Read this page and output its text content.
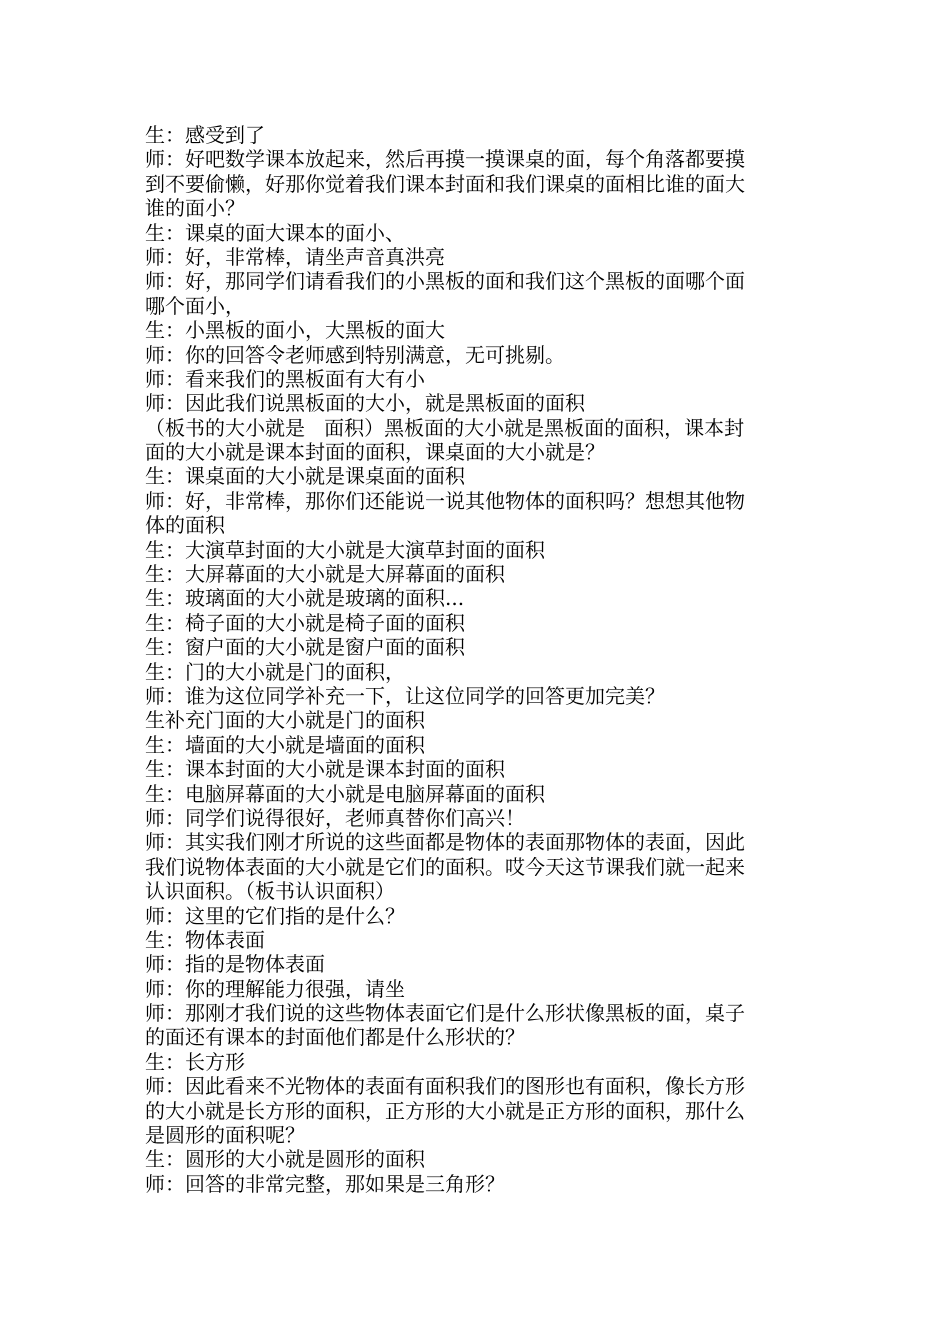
生：感受到了
师：好吧数学课本放起来，然后再摸一摸课桌的面，每个角落都要摸
到不要偷懒，好那你觉着我们课本封面和我们课桌的面相比谁的面大
谁的面小？
生：课桌的面大课本的面小、
师：好，非常棒，请坐声音真洪亮
师：好，那同学们请看我们的小黑板的面和我们这个黑板的面哪个面
哪个面小，
生：小黑板的面小，大黑板的面大
师：你的回答令老师感到特别满意，无可挑剔。
师：看来我们的黑板面有大有小
师：因此我们说黑板面的大小，就是黑板面的面积
（板书的大小就是   面积）黑板面的大小就是黑板面的面积，课本封
面的大小就是课本封面的面积，课桌面的大小就是？
生：课桌面的大小就是课桌面的面积
师：好，非常棒，那你们还能说一说其他物体的面积吗？想想其他物
体的面积
生：大演草封面的大小就是大演草封面的面积
生：大屏幕面的大小就是大屏幕面的面积
生：玻璃面的大小就是玻璃的面积...
生：椅子面的大小就是椅子面的面积
生：窗户面的大小就是窗户面的面积
生：门的大小就是门的面积，
师：谁为这位同学补充一下，让这位同学的回答更加完美？
生补充门面的大小就是门的面积
生：墙面的大小就是墙面的面积
生：课本封面的大小就是课本封面的面积
生：电脑屏幕面的大小就是电脑屏幕面的面积
师：同学们说得很好，老师真替你们高兴！
师：其实我们刚才所说的这些面都是物体的表面那物体的表面，因此
我们说物体表面的大小就是它们的面积。哎今天这节课我们就一起来
认识面积。（板书认识面积）
师：这里的它们指的是什么？
生：物体表面
师：指的是物体表面
师：你的理解能力很强，请坐
师：那刚才我们说的这些物体表面它们是什么形状像黑板的面，桌子
的面还有课本的封面他们都是什么形状的？
生：长方形
师：因此看来不光物体的表面有面积我们的图形也有面积，像长方形
的大小就是长方形的面积，正方形的大小就是正方形的面积，那什么
是圆形的面积呢？
生：圆形的大小就是圆形的面积
师：回答的非常完整，那如果是三角形？
